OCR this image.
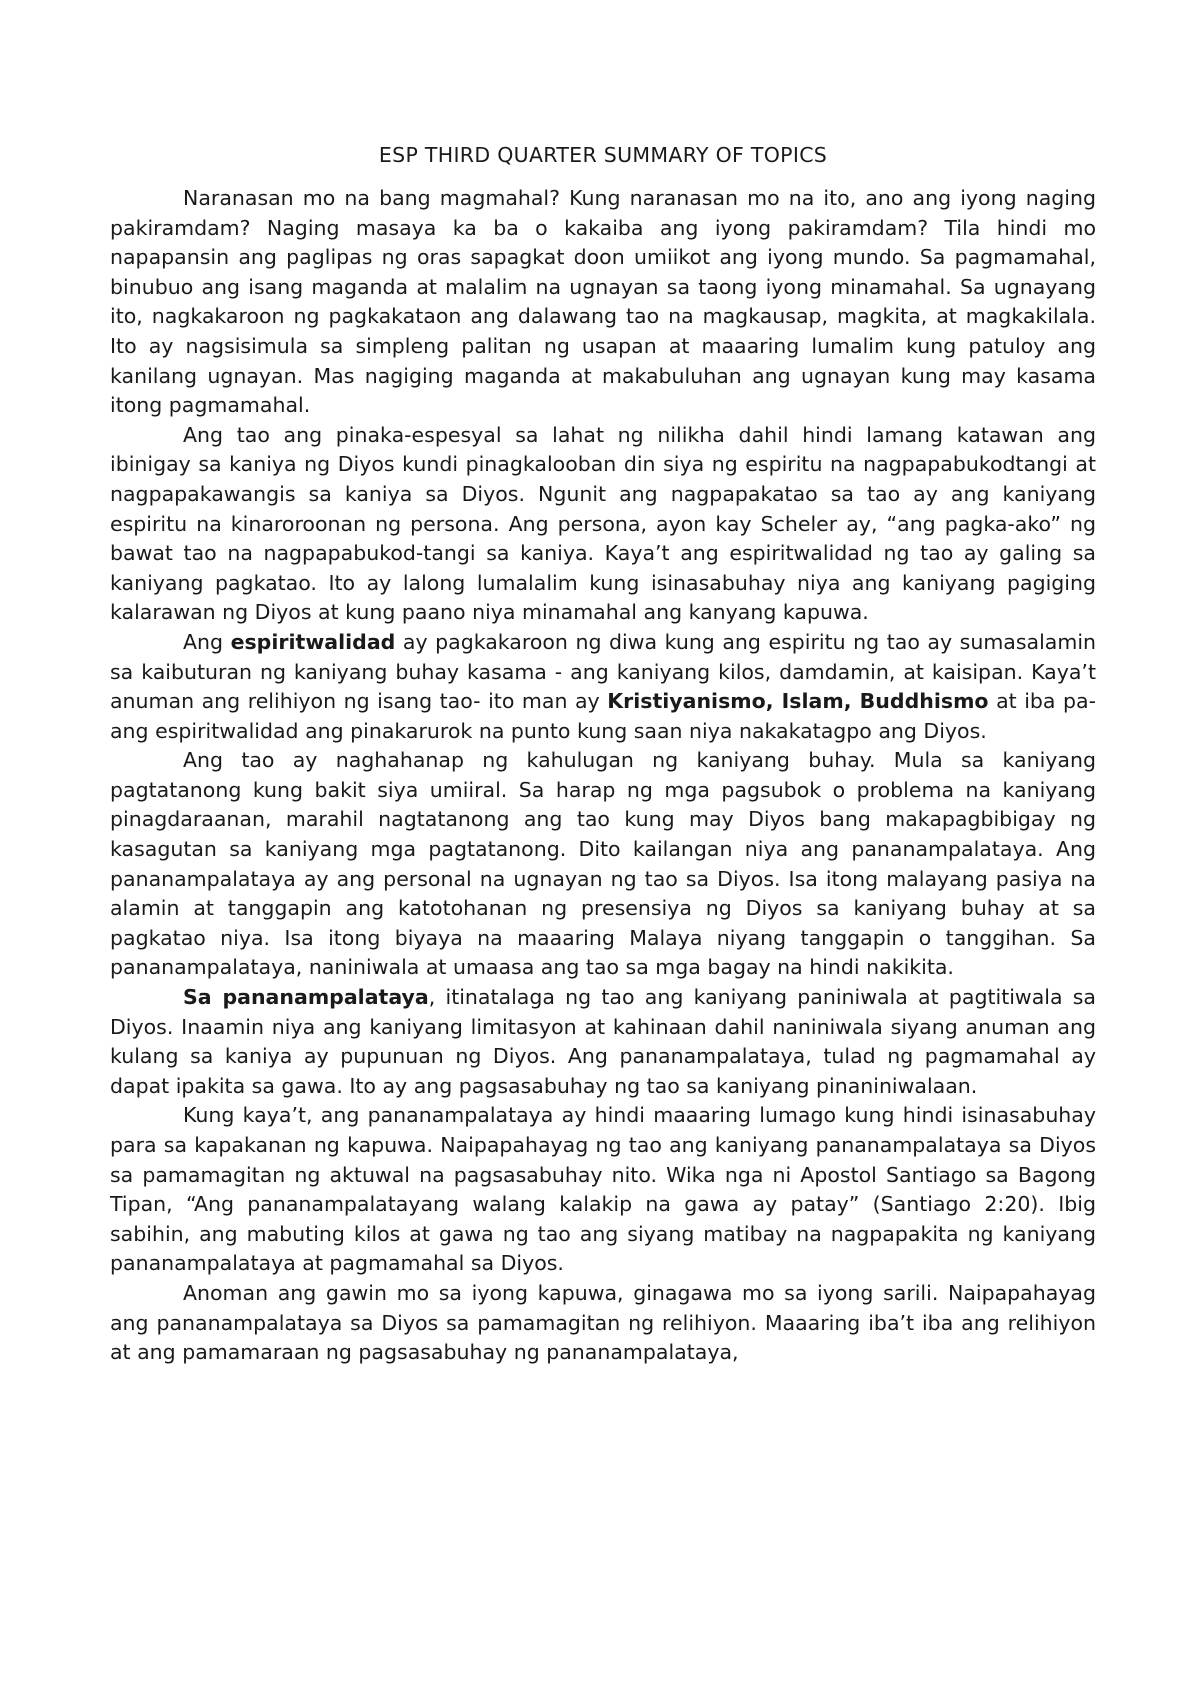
ESP THIRD QUARTER SUMMARY OF TOPICS

Naranasan mo na bang magmahal? Kung naranasan mo na ito, ano ang iyong naging pakiramdam? Naging masaya ka ba o kakaiba ang iyong pakiramdam? Tila hindi mo napapansin ang paglipas ng oras sapagkat doon umiikot ang iyong mundo. Sa pagmamahal, binubuo ang isang maganda at malalim na ugnayan sa taong iyong minamahal. Sa ugnayang ito, nagkakaroon ng pagkakataon ang dalawang tao na magkausap, magkita, at magkakilala. Ito ay nagsisimula sa simpleng palitan ng usapan at maaaring lumalim kung patuloy ang kanilang ugnayan. Mas nagiging maganda at makabuluhan ang ugnayan kung may kasama itong pagmamahal.

Ang tao ang pinaka-espesyal sa lahat ng nilikha dahil hindi lamang katawan ang ibinigay sa kaniya ng Diyos kundi pinagkalooban din siya ng espiritu na nagpapabukodtangi at nagpapakawangis sa kaniya sa Diyos. Ngunit ang nagpapakatao sa tao ay ang kaniyang espiritu na kinaroroonan ng persona. Ang persona, ayon kay Scheler ay, “ang pagka-ako” ng bawat tao na nagpapabukod-tangi sa kaniya. Kaya’t ang espiritwalidad ng tao ay galing sa kaniyang pagkatao. Ito ay lalong lumalalim kung isinasabuhay niya ang kaniyang pagiging kalarawan ng Diyos at kung paano niya minamahal ang kanyang kapuwa.

Ang espiritwalidad ay pagkakaroon ng diwa kung ang espiritu ng tao ay sumasalamin sa kaibuturan ng kaniyang buhay kasama - ang kaniyang kilos, damdamin, at kaisipan. Kaya’t anuman ang relihiyon ng isang tao- ito man ay Kristiyanismo, Islam, Buddhismo at iba pa- ang espiritwalidad ang pinakarurok na punto kung saan niya nakakatagpo ang Diyos.

Ang tao ay naghahanap ng kahulugan ng kaniyang buhay. Mula sa kaniyang pagtatanong kung bakit siya umiiral. Sa harap ng mga pagsubok o problema na kaniyang pinagdaraanan, marahil nagtatanong ang tao kung may Diyos bang makapagbibigay ng kasagutan sa kaniyang mga pagtatanong. Dito kailangan niya ang pananampalataya. Ang pananampalataya ay ang personal na ugnayan ng tao sa Diyos. Isa itong malayang pasiya na alamin at tanggapin ang katotohanan ng presensiya ng Diyos sa kaniyang buhay at sa pagkatao niya. Isa itong biyaya na maaaring Malaya niyang tanggapin o tanggihan. Sa pananampalataya, naniniwala at umaasa ang tao sa mga bagay na hindi nakikita.

Sa pananampalataya, itinatalaga ng tao ang kaniyang paniniwala at pagtitiwala sa Diyos. Inaamin niya ang kaniyang limitasyon at kahinaan dahil naniniwala siyang anuman ang kulang sa kaniya ay pupunuan ng Diyos. Ang pananampalataya, tulad ng pagmamahal ay dapat ipakita sa gawa. Ito ay ang pagsasabuhay ng tao sa kaniyang pinaniniwalaan.

Kung kaya’t, ang pananampalataya ay hindi maaaring lumago kung hindi isinasabuhay para sa kapakanan ng kapuwa. Naipapahayag ng tao ang kaniyang pananampalataya sa Diyos sa pamamagitan ng aktuwal na pagsasabuhay nito. Wika nga ni Apostol Santiago sa Bagong Tipan, “Ang pananampalatayang walang kalakip na gawa ay patay” (Santiago 2:20). Ibig sabihin, ang mabuting kilos at gawa ng tao ang siyang matibay na nagpapakita ng kaniyang pananampalataya at pagmamahal sa Diyos.

Anoman ang gawin mo sa iyong kapuwa, ginagawa mo sa iyong sarili. Naipapahayag ang pananampalataya sa Diyos sa pamamagitan ng relihiyon. Maaaring iba’t iba ang relihiyon at ang pamamaraan ng pagsasabuhay ng pananampalataya,
